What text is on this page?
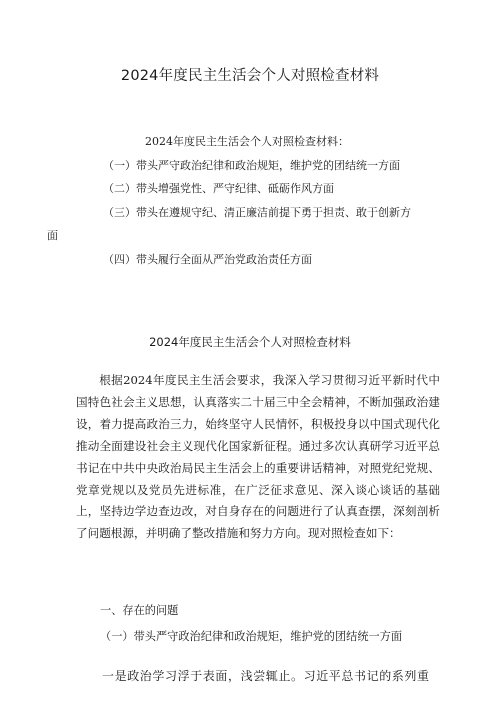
2024年度民主生活会个人对照检查材料
2024年度民主生活会个人对照检查材料：
（一）带头严守政治纪律和政治规矩，维护党的团结统一方面
（二）带头增强党性、严守纪律、砥砺作风方面
（三）带头在遵规守纪、清正廉洁前提下勇于担责、敢于创新方
面
（四）带头履行全面从严治党政治责任方面
2024年度民主生活会个人对照检查材料
根据2024年度民主生活会要求，我深入学习贯彻习近平新时代中国特色社会主义思想，认真落实二十届三中全会精神，不断加强政治建设，着力提高政治三力，始终坚守人民情怀，积极投身以中国式现代化推动全面建设社会主义现代化国家新征程。通过多次认真研学习近平总书记在中共中央政治局民主生活会上的重要讲话精神，对照党纪党规、党章党规以及党员先进标准，在广泛征求意见、深入谈心谈话的基础上，坚持边学边查边改，对自身存在的问题进行了认真查摆，深刻剖析了问题根源，并明确了整改措施和努力方向。现对照检查如下：
一、存在的问题
（一）带头严守政治纪律和政治规矩，维护党的团结统一方面
一是政治学习浮于表面，浅尝辄止。习近平总书记的系列重
